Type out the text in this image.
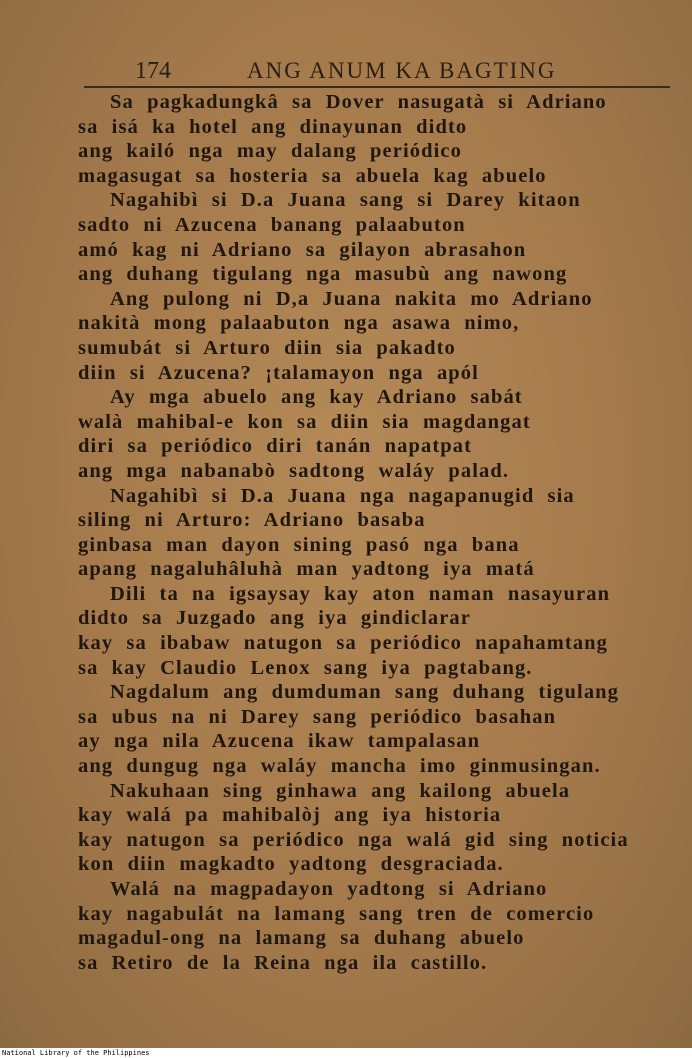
174	ANG ANUM KA BAGTING
Sa pagkadungkâ sa Dover nasugatà si Adriano
sa isá ka hotel ang dinayunan didto
ang kailó nga may dalang periódico
magasugat sa hosteria sa abuela kag abuelo
Nagahibì si D.a Juana sang si Darey kitaon
sadto ni Azucena banang palaabuton
amó kag ni Adriano sa gilayon abrasahon
ang duhang tigulang nga masubù ang nawong
Ang pulong ni D,a Juana nakita mo Adriano
nakità mong palaabuton nga asawa nimo,
sumubát si Arturo diin sia pakadto
diin si Azucena? ¡talamayon nga apól
Ay mga abuelo ang kay Adriano sabát
walà mahibal-e kon sa diin sia magdangat
diri sa periódico diri tanán napatpat
ang mga nabanabò sadtong waláy palad.
Nagahibì si D.a Juana nga nagapanugid sia
siling ni Arturo: Adriano basaba
ginbasa man dayon sining pasó nga bana
apang nagaluhâluhà man yadtong iya matá
Dili ta na igsaysay kay aton naman nasayuran
didto sa Juzgado ang iya gindiclarar
kay sa ibabaw natugon sa periódico napahamtang
sa kay Claudio Lenox sang iya pagtabang.
Nagdalum ang dumduman sang duhang tigulang
sa ubus na ni Darey sang periódico basahan
ay nga nila Azucena ikaw tampalasan
ang dungug nga waláy mancha imo ginmusingan.
Nakuhaan sing ginhawa ang kailong abuela
kay walá pa mahibalòj ang iya historia
kay natugon sa periódico nga walá gid sing noticia
kon diin magkadto yadtong desgraciada.
Walá na magpadayon yadtong si Adriano
kay nagabulát na lamang sang tren de comercio
magadul-ong na lamang sa duhang abuelo
sa Retiro de la Reina nga ila castillo.
National Library of the Philippines
